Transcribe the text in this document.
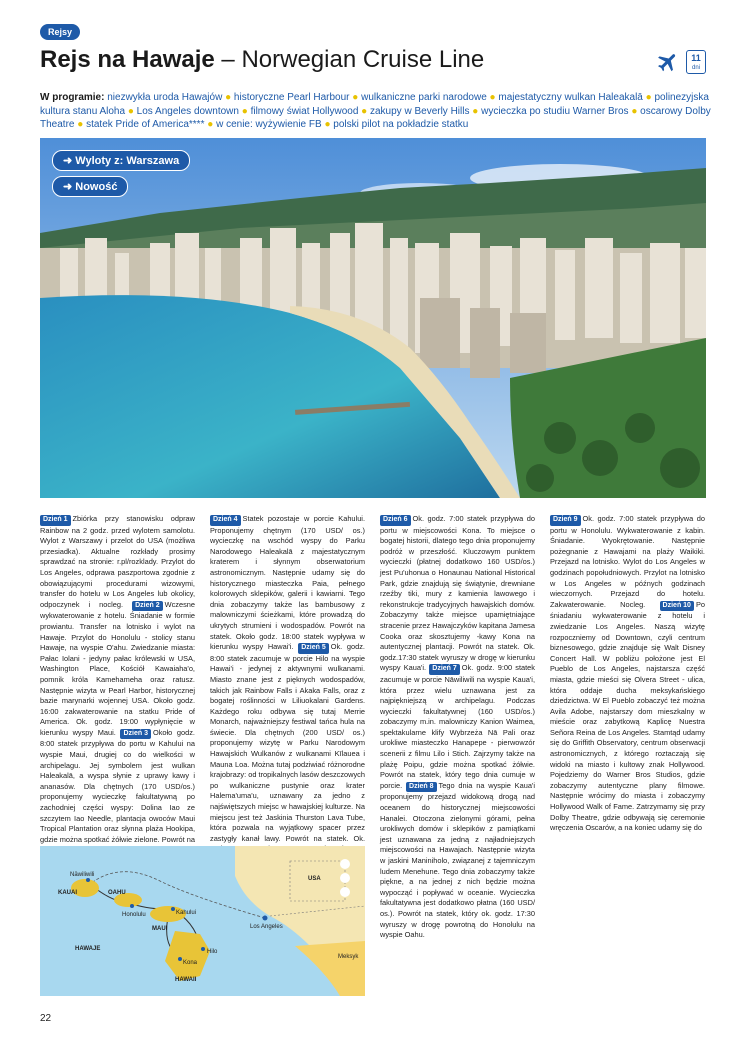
Rejsy
Rejs na Hawaje – Norwegian Cruise Line	11
dni
W programie: niezwykła uroda Hawajów ● historyczne Pearl Harbour ● wulkaniczne parki narodowe ● majestatyczny wulkan Haleakalā ● polinezyjska kultura stanu Aloha ● Los Angeles downtown ● filmowy świat Hollywood ● zakupy w Beverly Hills ● wycieczka po studiu Warner Bros ● oscarowy Dolby Theatre ● statek Pride of America**** ● w cenie: wyżywienie FB ● polski pilot na pokładzie statku
➜ Wyloty z: Warszawa
➜ Nowość
Dzień 1 Zbiórka przy stanowisku odpraw Rainbow na 2 godz. przed wylotem samolotu. Wylot z Warszawy i przelot do USA (możliwa przesiadka). Aktualne rozkłady prosimy sprawdzać na stronie: r.pl/rozklady. Przylot do Los Angeles, odprawa paszportowa zgodnie z obowiązującymi procedurami wizowymi, transfer do hotelu w Los Angeles lub okolicy, odpoczynek i nocleg. Dzień 2 Wczesne wykwaterowanie z hotelu. Śniadanie w formie prowiantu. Transfer na lotnisko i wylot na Hawaje. Przylot do Honolulu - stolicy stanu Hawaje, na wyspie O'ahu. Zwiedzanie miasta: Pałac Iolani - jedyny pałac królewski w USA, Washington Place, Kościół Kawaiaha'o, pomnik króla Kamehameha oraz ratusz. Następnie wizyta w Pearl Harbor, historycznej bazie marynarki wojennej USA. Około godz. 16:00 zakwaterowanie na statku Pride of America. Ok. godz. 19:00 wypłynięcie w kierunku wyspy Maui. Dzień 3 Około godz. 8:00 statek przypływa do portu w Kahului na wyspie Maui, drugiej co do wielkości w archipelagu. Jej symbolem jest wulkan Haleakalā, a wyspa słynie z uprawy kawy i ananasów. Dla chętnych (170 USD/os.) proponujemy wycieczkę fakultatywną po zachodniej części wyspy: Dolina Iao ze szczytem Iao Needle, plantacja owoców Maui Tropical Plantation oraz słynna plaża Hookipa, gdzie można spotkać żółwie zielone. Powrót na
Dzień 4 Statek pozostaje w porcie Kahului. Proponujemy chętnym (170 USD/ os.) wycieczkę na wschód wyspy do Parku Narodowego Haleakalā z majestatycznym kraterem i słynnym obserwatorium astronomicznym. Następnie udamy się do historycznego miasteczka Paia, pełnego kolorowych sklepików, galerii i kawiarni. Tego dnia zobaczymy także las bambusowy z malowniczymi ścieżkami, które prowadzą do ukrytych strumieni i wodospadów. Powrót na statek. Około godz. 18:00 statek wypływa w kierunku wyspy Hawai'i. Dzień 5 Ok. godz. 8:00 statek zacumuje w porcie Hilo na wyspie Hawai'i - jedynej z aktywnymi wulkanami. Miasto znane jest z pięknych wodospadów, takich jak Rainbow Falls i Akaka Falls, oraz z bogatej roślinności w Liliuokalani Gardens. Każdego roku odbywa się tutaj Merrie Monarch, najważniejszy festiwal tańca hula na świecie. Dla chętnych (200 USD/ os.) proponujemy wizytę w Parku Narodowym Hawajskich Wulkanów z wulkanami Kīlauea i Mauna Loa. Można tutaj podziwiać różnorodne krajobrazy: od tropikalnych lasów deszczowych po wulkaniczne pustynie oraz krater Halema'uma'u, uznawany za jedno z najświętszych miejsc w hawajskiej kulturze. Na miejscu jest też Jaskinia Thurston Lava Tube, która pozwala na wyjątkowy spacer przez zastygły kanał lawy. Powrót na statek. Ok.
Dzień 6 Ok. godz. 7:00 statek przypływa do portu w miejscowości Kona. To miejsce o bogatej historii, dlatego tego dnia proponujemy podróż w przeszłość. Kluczowym punktem wycieczki (płatnej dodatkowo 160 USD/os.) jest Pu'uhonua o Honaunau National Historical Park, gdzie znajdują się świątynie, drewniane rzeźby tiki, mury z kamienia lawowego i rekonstrukcje tradycyjnych hawajskich domów. Zobaczymy także miejsce upamiętniające stracenie przez Hawajczyków kapitana Jamesa Cooka oraz skosztujemy -kawy Kona na autentycznej plantacji. Powrót na statek. Ok. godz.17:30 statek wyruszy w drogę w kierunku wyspy Kaua'i. Dzień 7 Ok. godz. 9:00 statek zacumuje w porcie Nāwiliwili na wyspie Kaua'i, która przez wielu uznawana jest za najpiękniejszą w archipelagu. Podczas wycieczki fakultatywnej (160 USD/os.) zobaczymy m.in. malowniczy Kanion Waimea, spektakularne klify Wybrzeża Nā Pali oraz urokliwe miasteczko Hanapepe - pierwowzór scenerii z filmu Lilo i Stich. Zajrzymy także na plażę Poipu, gdzie można spotkać żółwie. Powrót na statek, który tego dnia cumuje w porcie. Dzień 8 Tego dnia na wyspie Kaua'i proponujemy przejazd widokową drogą nad oceanem do historycznej miejscowości Hanalei. Otoczona zielonymi górami, pełna urokliwych domów i sklepików z pamiątkami jest uznawana za jedną z najładniejszych miejscowości na Hawajach. Następnie wizyta w jaskini Maniniholo, związanej z tajemniczym ludem Menehune. Tego dnia zobaczymy także piękne, a na jednej z nich będzie można wypocząć i popływać w oceanie. Wycieczka fakultatywna jest dodatkowo płatna (160 USD/ os.). Powrót na statek, który ok. godz. 17:30 wyruszy w drogę powrotną do Honolulu na wyspie Oahu.
Dzień 9 Ok. godz. 7:00 statek przypływa do portu w Honolulu. Wykwaterowanie z kabin. Śniadanie. Wyokrętowanie. Następnie pożegnanie z Hawajami na plaży Waikiki. Przejazd na lotnisko. Wylot do Los Angeles w godzinach popołudniowych. Przylot na lotnisko w Los Angeles w późnych godzinach wieczornych. Przejazd do hotelu. Zakwaterowanie. Nocleg. Dzień 10 Po śniadaniu wykwaterowanie z hotelu i zwiedzanie Los Angeles. Naszą wizytę rozpoczniemy od Downtown, czyli centrum biznesowego, gdzie znajduje się Walt Disney Concert Hall. W pobliżu położone jest El Pueblo de Los Angeles, najstarsza część miasta, gdzie mieści się Olvera Street - ulica, która oddaje ducha meksykańskiego dziedzictwa. W El Pueblo zobaczyć też można Avila Adobe, najstarszy dom mieszkalny w mieście oraz zabytkową Kaplicę Nuestra Señora Reina de Los Angeles. Stamtąd udamy się do Griffith Observatory, centrum obserwacji astronomicznych, z którego roztaczają się widoki na miasto i kultowy znak Hollywood. Pojedziemy do Warner Bros Studios, gdzie zobaczymy autentyczne plany filmowe. Następnie wrócimy do miasta i zobaczymy Hollywood Walk of Fame. Zatrzymamy się przy Dolby Theatre, gdzie odbywają się ceremonie wręczenia Oscarów, a na koniec udamy się do
Nāwiliwili
KAUAI	OAHU
Honolulu	Kahului
MAUI
HAWAJE	Hilo
Kona
HAWAII
USA
Los Angeles
Meksyk
22
